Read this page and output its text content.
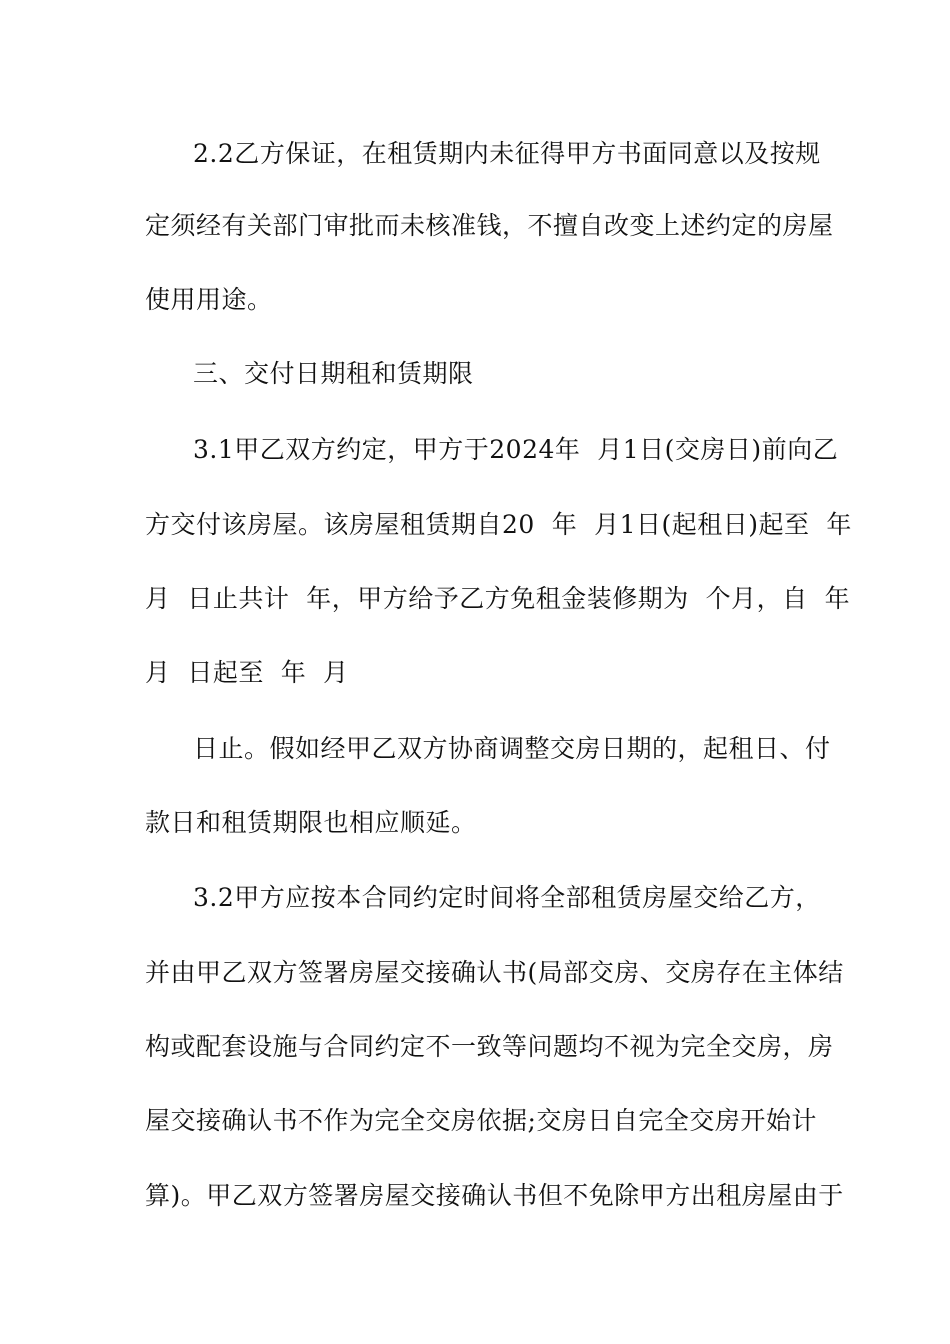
2.2乙方保证，在租赁期内未征得甲方书面同意以及按规
定须经有关部门审批而未核准钱，不擅自改变上述约定的房屋
使用用途。
三、交付日期租和赁期限
3.1甲乙双方约定，甲方于2024年  月1日(交房日)前向乙
方交付该房屋。该房屋租赁期自20  年  月1日(起租日)起至  年
月  日止共计  年，甲方给予乙方免租金装修期为  个月，自  年
月  日起至  年  月
日止。假如经甲乙双方协商调整交房日期的，起租日、付
款日和租赁期限也相应顺延。
3.2甲方应按本合同约定时间将全部租赁房屋交给乙方，
并由甲乙双方签署房屋交接确认书(局部交房、交房存在主体结
构或配套设施与合同约定不一致等问题均不视为完全交房，房
屋交接确认书不作为完全交房依据;交房日自完全交房开始计
算)。甲乙双方签署房屋交接确认书但不免除甲方出租房屋由于
